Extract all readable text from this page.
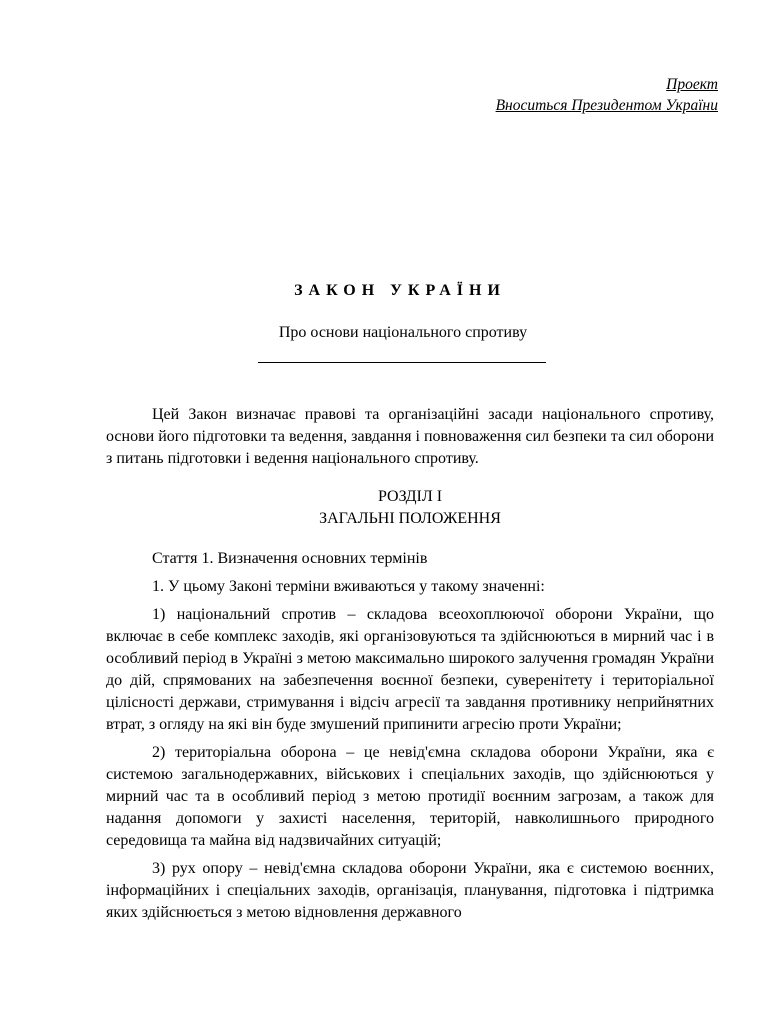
Проект
Вноситься Президентом України
ЗАКОН УКРАЇНИ
Про основи національного спротиву

Цей Закон визначає правові та організаційні засади національного спротиву, основи його підготовки та ведення, завдання і повноваження сил безпеки та сил оборони з питань підготовки і ведення національного спротиву.

РОЗДІЛ І
ЗАГАЛЬНІ ПОЛОЖЕННЯ

Стаття 1. Визначення основних термінів

1. У цьому Законі терміни вживаються у такому значенні:

1) національний спротив – складова всеохоплюючої оборони України, що включає в себе комплекс заходів, які організовуються та здійснюються в мирний час і в особливий період в Україні з метою максимально широкого залучення громадян України до дій, спрямованих на забезпечення воєнної безпеки, суверенітету і територіальної цілісності держави, стримування і відсіч агресії та завдання противнику неприйнятних втрат, з огляду на які він буде змушений припинити агресію проти України;

2) територіальна оборона – це невід'ємна складова оборони України, яка є системою загальнодержавних, військових і спеціальних заходів, що здійснюються у мирний час та в особливий період з метою протидії воєнним загрозам, а також для надання допомоги у захисті населення, територій, навколишнього природного середовища та майна від надзвичайних ситуацій;

3) рух опору – невід'ємна складова оборони України, яка є системою воєнних, інформаційних і спеціальних заходів, організація, планування, підготовка і підтримка яких здійснюється з метою відновлення державного
